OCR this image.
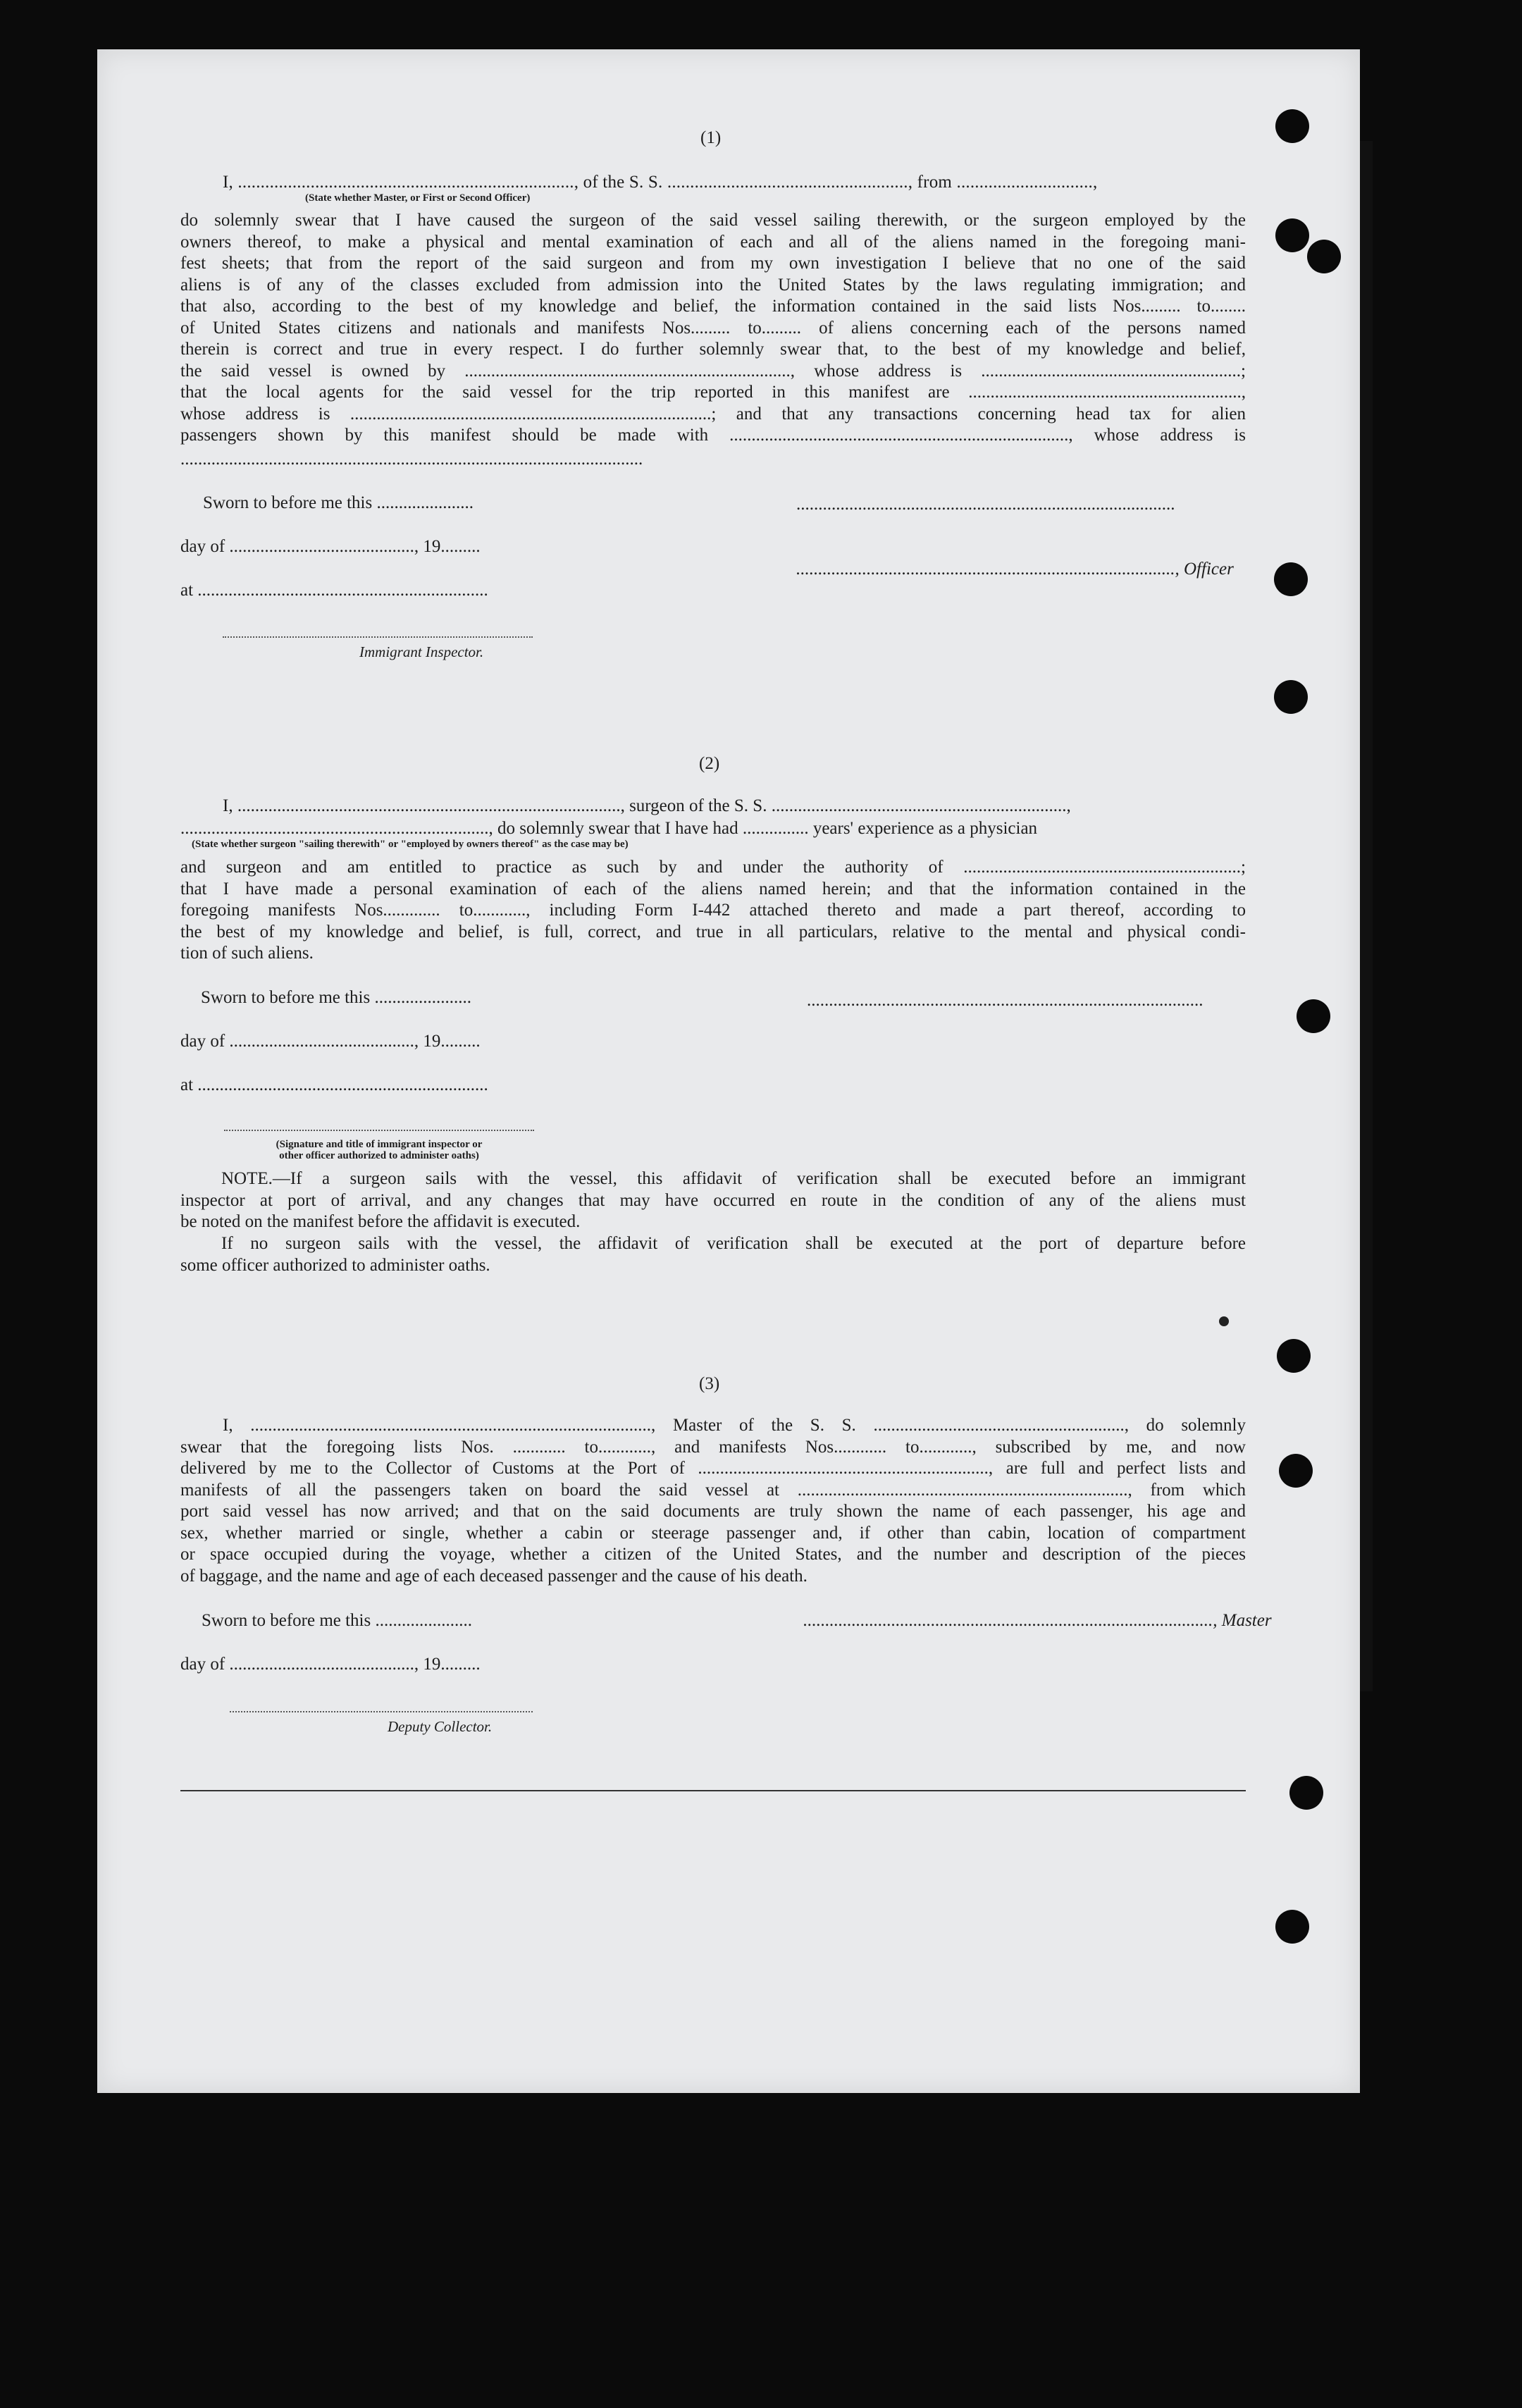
(1)
I, .........................................................................., of the S. S. ....................................................., from ..............................,
(State whether Master, or First or Second Officer)
do solemnly swear that I have caused the surgeon of the said vessel sailing therewith, or the surgeon employed by the
owners thereof, to make a physical and mental examination of each and all of the aliens named in the foregoing mani-
fest sheets; that from the report of the said surgeon and from my own investigation I believe that no one of the said
aliens is of any of the classes excluded from admission into the United States by the laws regulating immigration; and
that also, according to the best of my knowledge and belief, the information contained in the said lists Nos......... to........
of United States citizens and nationals and manifests Nos......... to......... of aliens concerning each of the persons named
therein is correct and true in every respect. I do further solemnly swear that, to the best of my knowledge and belief,
the said vessel is owned by .........................................................................., whose address is ...........................................................;
that the local agents for the said vessel for the trip reported in this manifest are ..............................................................,
whose address is ..................................................................................; and that any transactions concerning head tax for alien
passengers shown by this manifest should be made with ............................................................................., whose address is
.........................................................................................................
Sworn to before me this ......................	......................................................................................
day of .........................................., 19.........
at ..................................................................
......................................................................................, Officer
Immigrant Inspector.
(2)
I, ......................................................................................., surgeon of the S. S. ...................................................................,
......................................................................, do solemnly swear that I have had ............... years' experience as a physician
(State whether surgeon "sailing therewith" or "employed by owners thereof" as the case may be)
and surgeon and am entitled to practice as such by and under the authority of ...............................................................;
that I have made a personal examination of each of the aliens named herein; and that the information contained in the
foregoing manifests Nos............. to............, including Form I-442 attached thereto and made a part thereof, according to
the best of my knowledge and belief, is full, correct, and true in all particulars, relative to the mental and physical condi-
tion of such aliens.
Sworn to before me this ......................	..........................................................................................
day of .........................................., 19.........
at ..................................................................
(Signature and title of immigrant inspector or
other officer authorized to administer oaths)
NOTE.—If a surgeon sails with the vessel, this affidavit of verification shall be executed before an immigrant
inspector at port of arrival, and any changes that may have occurred en route in the condition of any of the aliens must
be noted on the manifest before the affidavit is executed.
If no surgeon sails with the vessel, the affidavit of verification shall be executed at the port of departure before
some officer authorized to administer oaths.
(3)
I, ..........................................................................................., Master of the S. S. ........................................................., do solemnly
swear that the foregoing lists Nos. ............ to............, and manifests Nos............ to............, subscribed by me, and now
delivered by me to the Collector of Customs at the Port of .................................................................., are full and perfect lists and
manifests of all the passengers taken on board the said vessel at ..........................................................................., from which
port said vessel has now arrived; and that on the said documents are truly shown the name of each passenger, his age and
sex, whether married or single, whether a cabin or steerage passenger and, if other than cabin, location of compartment
or space occupied during the voyage, whether a citizen of the United States, and the number and description of the pieces
of baggage, and the name and age of each deceased passenger and the cause of his death.
Sworn to before me this ......................	............................................................................................., Master
day of .........................................., 19.........
Deputy Collector.
